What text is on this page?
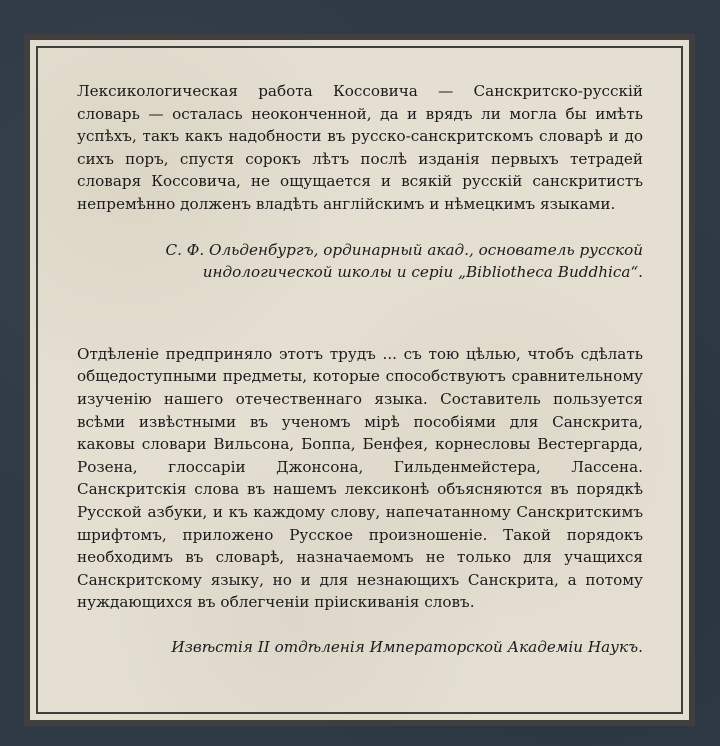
Лексикологическая работа Коссовича — Санскритско-русскій словарь — осталась неоконченной, да и врядъ ли могла бы имѣть успѣхъ, такъ какъ надобности въ русско-санскритскомъ словарѣ и до сихъ поръ, спустя сорокъ лѣтъ послѣ изданія первыхъ тетрадей словаря Коссовича, не ощущается и всякій русскій санскритистъ непремѣнно долженъ владѣть англійскимъ и нѣмецкимъ языками.

С. Ф. Ольденбургъ, ординарный акад., основатель русской

индологической школы и серіи „Bibliotheca Buddhica“.

Отдѣленіе предприняло этотъ трудъ ... съ тою цѣлью, чтобъ сдѣлать общедоступными предметы, которые способствуютъ сравнительному изученію нашего отечественнаго языка. Составитель пользуется всѣми извѣстными въ ученомъ мірѣ пособіями для Санскрита, каковы словари Вильсона, Боппа, Бенфея, корнесловы Вестергарда, Розена, глоссаріи Джонсона, Гильденмейстера, Лассена. Санскритскія слова въ нашемъ лексиконѣ объясняются въ порядкѣ Русской азбуки, и къ каждому слову, напечатанному Санскритскимъ шрифтомъ, приложено Русское произношеніе. Такой порядокъ необходимъ въ словарѣ, назначаемомъ не только для учащихся Санскритскому языку, но и для незнающихъ Санскрита, а потому нуждающихся въ облегченіи пріискиванія словъ.

Извѣстія II отдѣленія Императорской Академіи Наукъ.
